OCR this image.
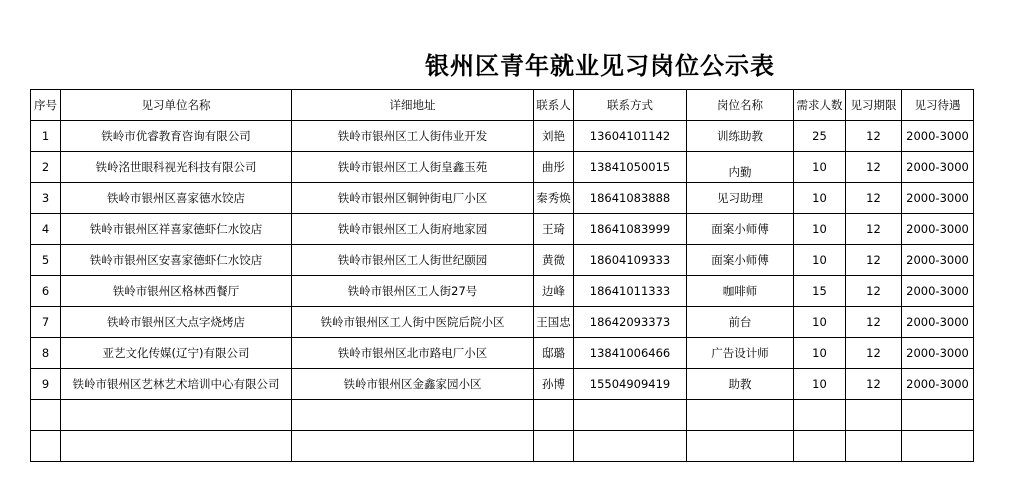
银州区青年就业见习岗位公示表
序号	见习单位名称	详细地址	联系人	联系方式	岗位名称	需求人数	见习期限	见习待遇
1	铁岭市优睿教育咨询有限公司	铁岭市银州区工人街伟业开发	刘艳	13604101142	训练助教	25	12	2000-3000
2	铁岭洺世眼科视光科技有限公司	铁岭市银州区工人街皇鑫玉苑	曲彤	13841050015	内勤	10	12	2000-3000
3	铁岭市银州区喜家德水饺店	铁岭市银州区铜钟街电厂小区	秦秀焕	18641083888	见习助理	10	12	2000-3000
4	铁岭市银州区祥喜家德虾仁水饺店	铁岭市银州区工人街府地家园	王琦	18641083999	面案小师傅	10	12	2000-3000
5	铁岭市银州区安喜家德虾仁水饺店	铁岭市银州区工人街世纪颐园	黄微	18604109333	面案小师傅	10	12	2000-3000
6	铁岭市银州区格林西餐厅	铁岭市银州区工人街27号	边峰	18641011333	咖啡师	15	12	2000-3000
7	铁岭市银州区大点字烧烤店	铁岭市银州区工人街中医院后院小区	王国忠	18642093373	前台	10	12	2000-3000
8	亚艺文化传媒(辽宁)有限公司	铁岭市银州区北市路电厂小区	邸璐	13841006466	广告设计师	10	12	2000-3000
9	铁岭市银州区艺林艺术培训中心有限公司	铁岭市银州区金鑫家园小区	孙博	15504909419	助教	10	12	2000-3000
